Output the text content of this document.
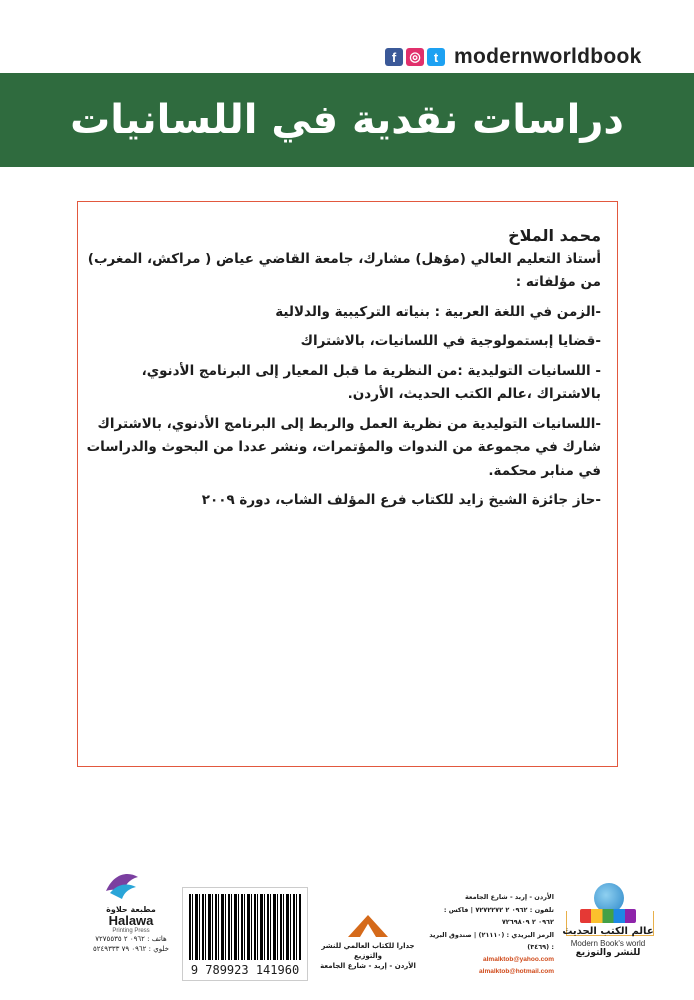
f	◎	t modernworldbook
دراسات نقدية في اللسانيات

محمد الملاخ

أستاذ التعليم العالي (مؤهل) مشارك، جامعة القاضي عياض ( مراكش، المغرب)

من مؤلفاته :

-الزمن في اللغة العربية : بنياته التركيبية والدلالية

-قضايا إبستمولوجية في اللسانيات، بالاشتراك

- اللسانيات التوليدية :من النظرية ما قبل المعيار إلى البرنامج الأدنوي، بالاشتراك ،عالم الكتب الحديث، الأردن.

-اللسانيات التوليدية من نظرية العمل والربط إلى البرنامج الأدنوي، بالاشتراك شارك في مجموعة من الندوات والمؤتمرات، ونشر عددا من البحوث والدراسات في منابر محكمة.

-حاز جائزة الشيخ زايد للكتاب فرع المؤلف الشاب، دورة ٢٠٠٩

مطبعة حلاوة
Halawa
Printing Press
هاتف : ٠٩٦٢ ٢ ٧٢٧٥٥٣٥
خلوي : ٠٩٦٢ ٧٩ ٥٢٤٩٣٣٣
9 789923 141960
جدارا للكتاب العالمي للنشر والتوزيع
الأردن - إربد - شارع الجامعة
الأردن - إربد - شارع الجامعة
تلفون : ٠٩٦٢ ٢ ٧٢٧٢٢٧٢ | فاكس : ٠٩٦٢ ٢ ٧٢٦٩٨٠٩
الرمز البريدي : (٢١١١٠) | صندوق البريد : (٣٤٦٩)
almalktob@yahoo.com
almalktob@hotmail.com
عالم الكتب الحديث
Modern Book's world
للنشر والتوزيع
